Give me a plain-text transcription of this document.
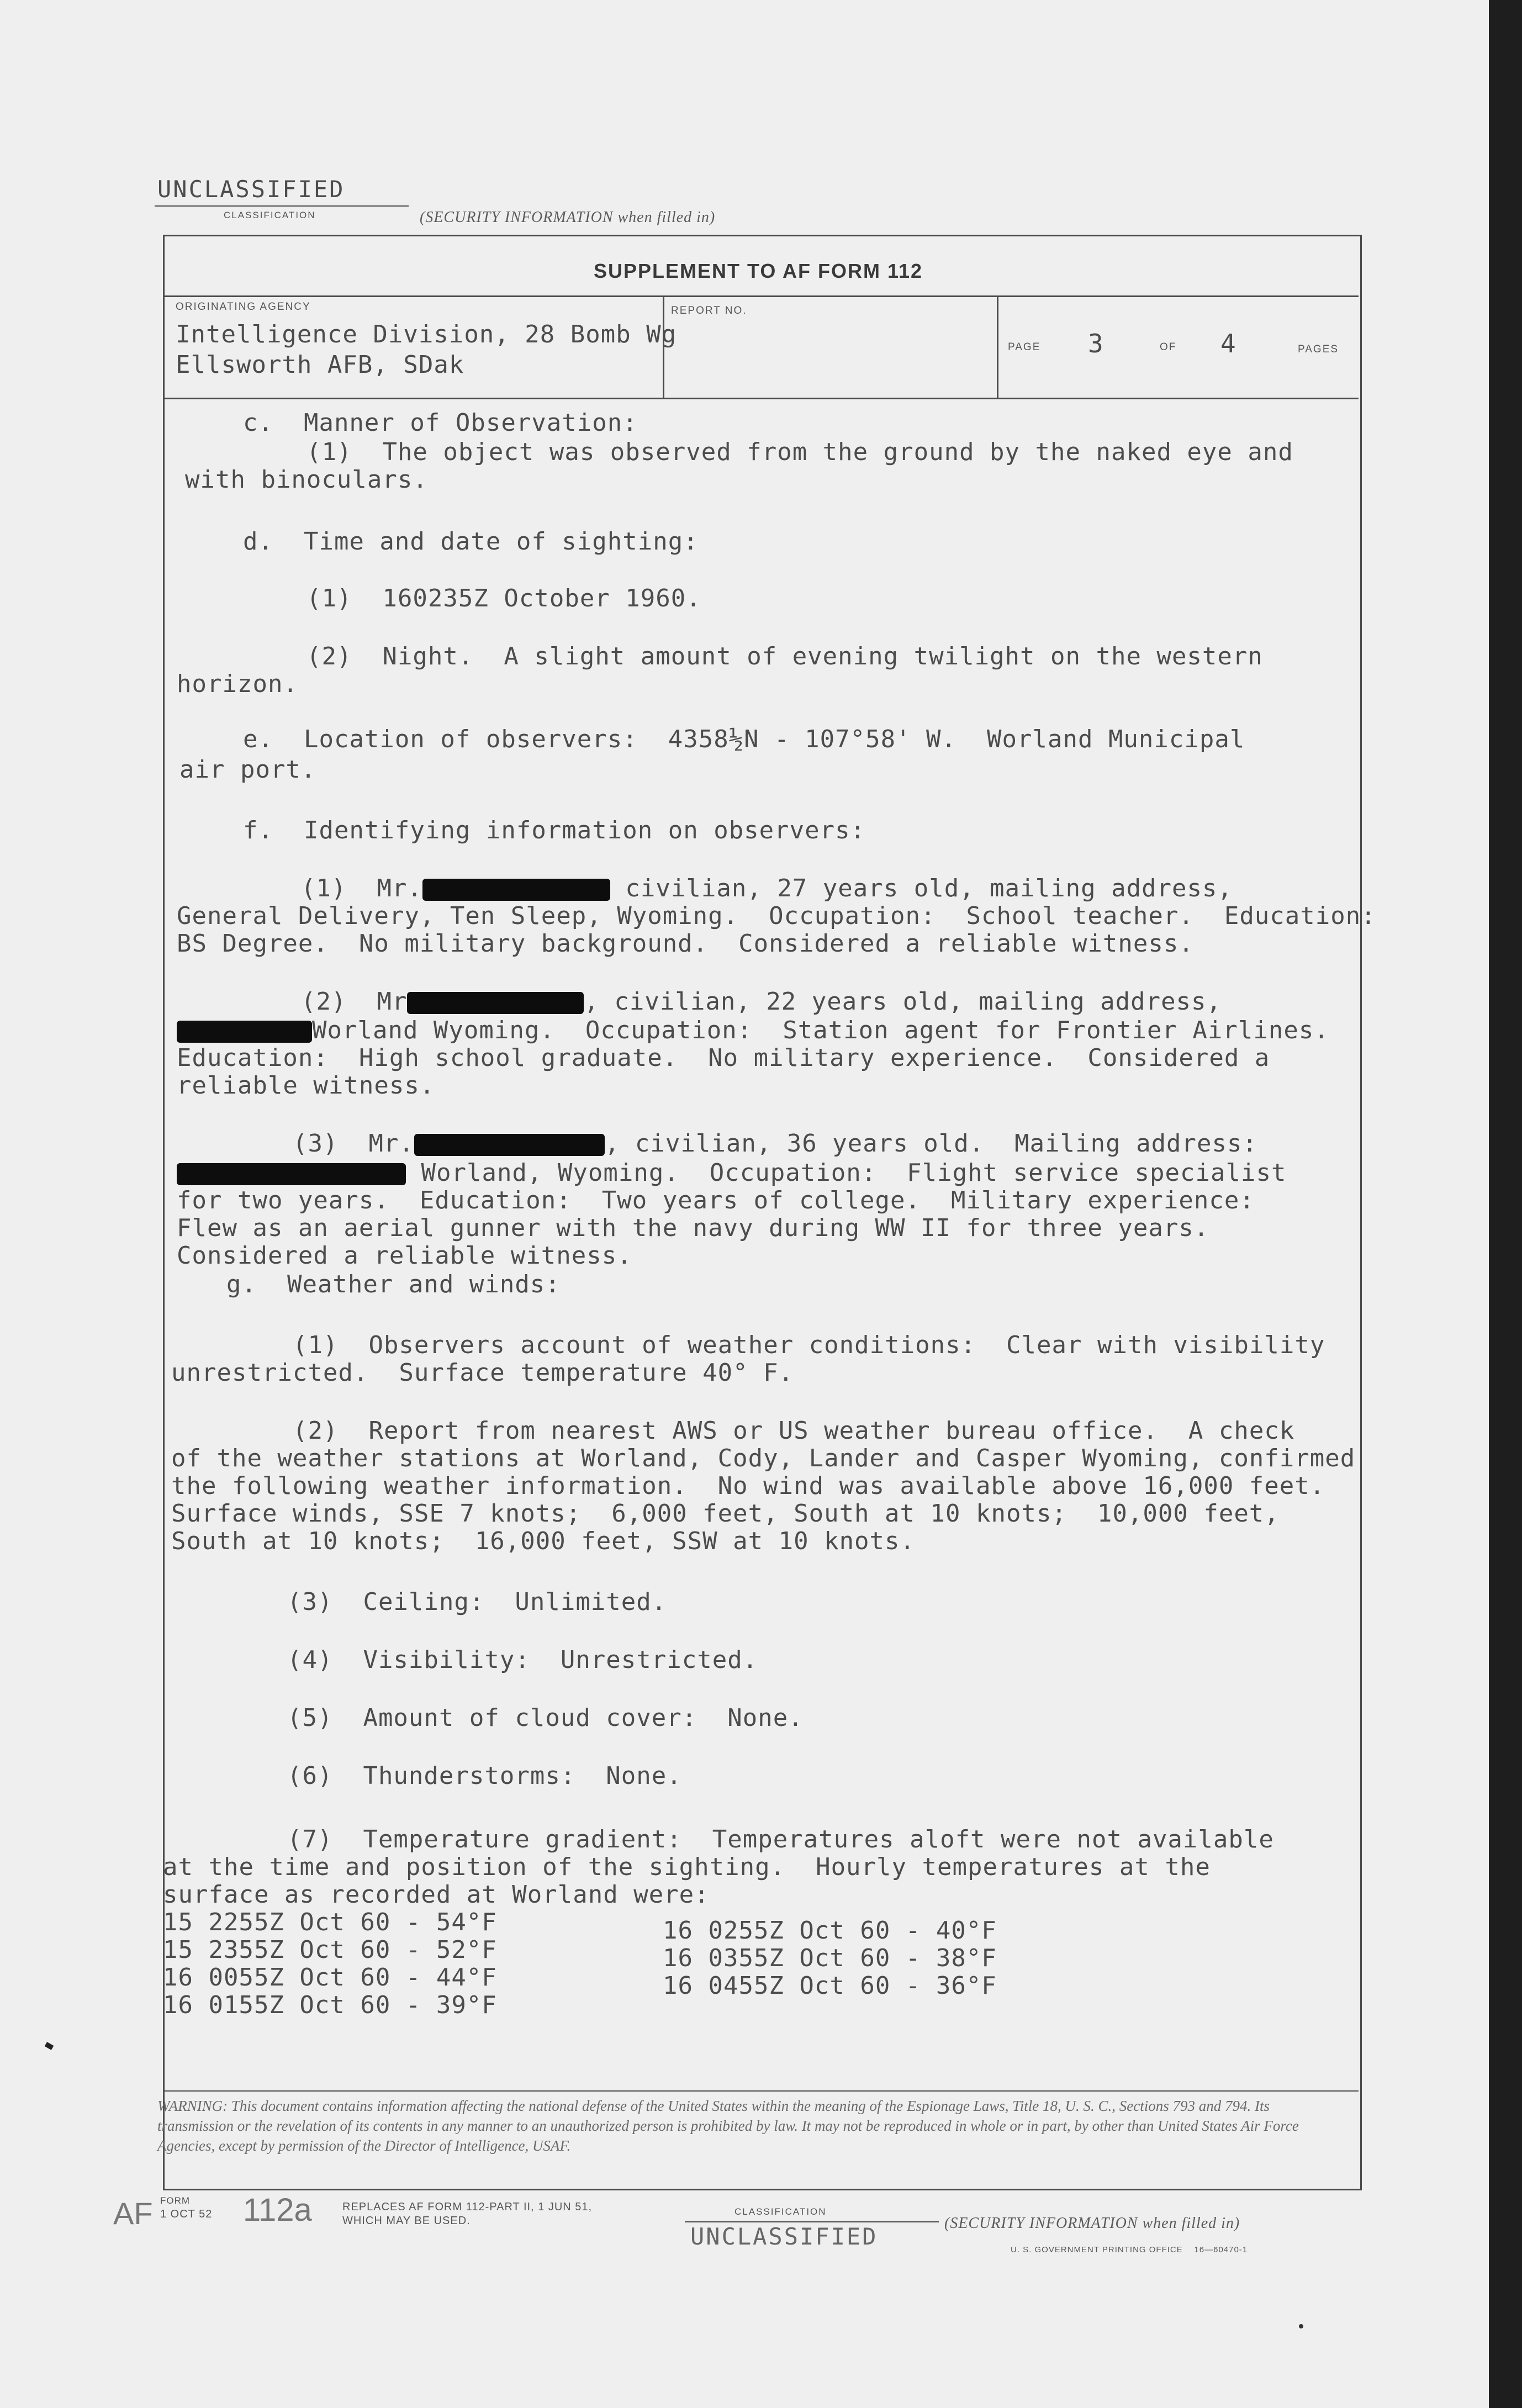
UNCLASSIFIED
CLASSIFICATION	(SECURITY INFORMATION when filled in)
SUPPLEMENT TO AF FORM 112
ORIGINATING AGENCY
Intelligence Division, 28 Bomb Wg
Ellsworth AFB, SDak
REPORT NO.
PAGE 3	OF 4	PAGES
c.  Manner of Observation:
(1)  The object was observed from the ground by the naked eye and
with binoculars.
d.  Time and date of sighting:
(1)  160235Z October 1960.
(2)  Night.  A slight amount of evening twilight on the western
horizon.
e.  Location of observers:  4358½N - 107°58' W.  Worland Municipal
air port.
f.  Identifying information on observers:
(1)  Mr.	civilian, 27 years old, mailing address,
General Delivery, Ten Sleep, Wyoming.  Occupation:  School teacher.  Education:
BS Degree.  No military background.  Considered a reliable witness.
(2)  Mr	, civilian, 22 years old, mailing address,
Worland Wyoming.  Occupation:  Station agent for Frontier Airlines.
Education:  High school graduate.  No military experience.  Considered a
reliable witness.
(3)  Mr.	, civilian, 36 years old.  Mailing address:
Worland, Wyoming.  Occupation:  Flight service specialist
for two years.  Education:  Two years of college.  Military experience:
Flew as an aerial gunner with the navy during WW II for three years.
Considered a reliable witness.
g.  Weather and winds:
(1)  Observers account of weather conditions:  Clear with visibility
unrestricted.  Surface temperature 40° F.
(2)  Report from nearest AWS or US weather bureau office.  A check
of the weather stations at Worland, Cody, Lander and Casper Wyoming, confirmed
the following weather information.  No wind was available above 16,000 feet.
Surface winds, SSE 7 knots;  6,000 feet, South at 10 knots;  10,000 feet,
South at 10 knots;  16,000 feet, SSW at 10 knots.
(3)  Ceiling:  Unlimited.
(4)  Visibility:  Unrestricted.
(5)  Amount of cloud cover:  None.
(6)  Thunderstorms:  None.
(7)  Temperature gradient:  Temperatures aloft were not available
at the time and position of the sighting.  Hourly temperatures at the
surface as recorded at Worland were:
15 2255Z Oct 60 - 54°F
15 2355Z Oct 60 - 52°F
16 0055Z Oct 60 - 44°F
16 0155Z Oct 60 - 39°F
16 0255Z Oct 60 - 40°F
16 0355Z Oct 60 - 38°F
16 0455Z Oct 60 - 36°F
WARNING: This document contains information affecting the national defense of the United States within the meaning of the Espionage Laws, Title 18, U. S. C., Sections 793 and 794. Its transmission or the revelation of its contents in any manner to an unauthorized person is prohibited by law. It may not be reproduced in whole or in part, by other than United States Air Force Agencies, except by permission of the Director of Intelligence, USAF.
AF FORM
1 OCT 52 112a	REPLACES AF FORM 112-PART II, 1 JUN 51,
WHICH MAY BE USED.
CLASSIFICATION
UNCLASSIFIED	(SECURITY INFORMATION when filled in)
U. S. GOVERNMENT PRINTING OFFICE    16—60470-1
